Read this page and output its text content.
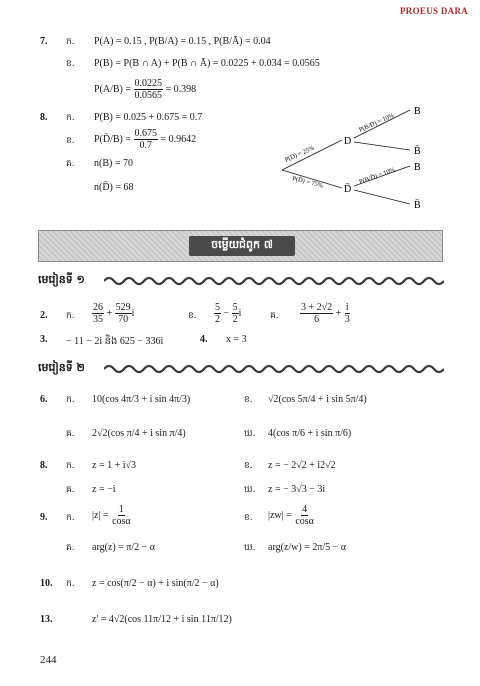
PROEUS DARA
7. ក. P(A) = 0.15 , P(B/A) = 0.15 , P(B/Ā) = 0.04
ខ. P(B) = P(B ∩ A) + P(B ∩ Ā) = 0.0225 + 0.034 = 0.0565
$P(A/B) = \frac{0.0225}{0.0565} = 0.398$
8. ក. P(B) = 0.025 + 0.675 = 0.7
ខ. P(D̄/B) = $\frac{0.675}{0.7} = 0.9642$
គ. n(B) = 70
n(D̄) = 68
D
D̄
B
B̄
B
B̄
P(D) = 25%
P(D̄) = 75%
P(B/D) = 10%
P(B/D̄) = 10%
ចម្លើយជំពូក ៧
មេរៀនទី ១
2. ក. $\frac{26}{35} + \frac{529}{70}$ i	ខ. $\frac{5}{2} - \frac{5}{2}$ i	គ. $\frac{3 + 2√2}{6} + \frac{i}{3}$
3. − 11 − 2i និង 625 − 336i	4. x = 3
មេរៀនទី ២
6. ក. 10(cos 4π/3 + i sin 4π/3)	ខ. √2(cos 5π/4 + i sin 5π/4)
គ. 2√2(cos π/4 + i sin π/4)	ឃ. 4(cos π/6 + i sin π/6)
8. ក. z = 1 + i√3	ខ. z = − 2√2 + i2√2
គ. z = −i	ឃ. z = − 3√3 − 3i
9. ក. $|z| = \frac{1}{\cos\alpha}$	ខ. $|zw| = \frac{4}{\cos\alpha}$
គ. arg(z) = π/2 − α	ឃ. arg(z/w) = 2π/5 − α
10. ក. z = cos(π/2 − α) + i sin(π/2 − α)
13.	z' = 4√2(cos 11π/12 + i sin 11π/12)
244
